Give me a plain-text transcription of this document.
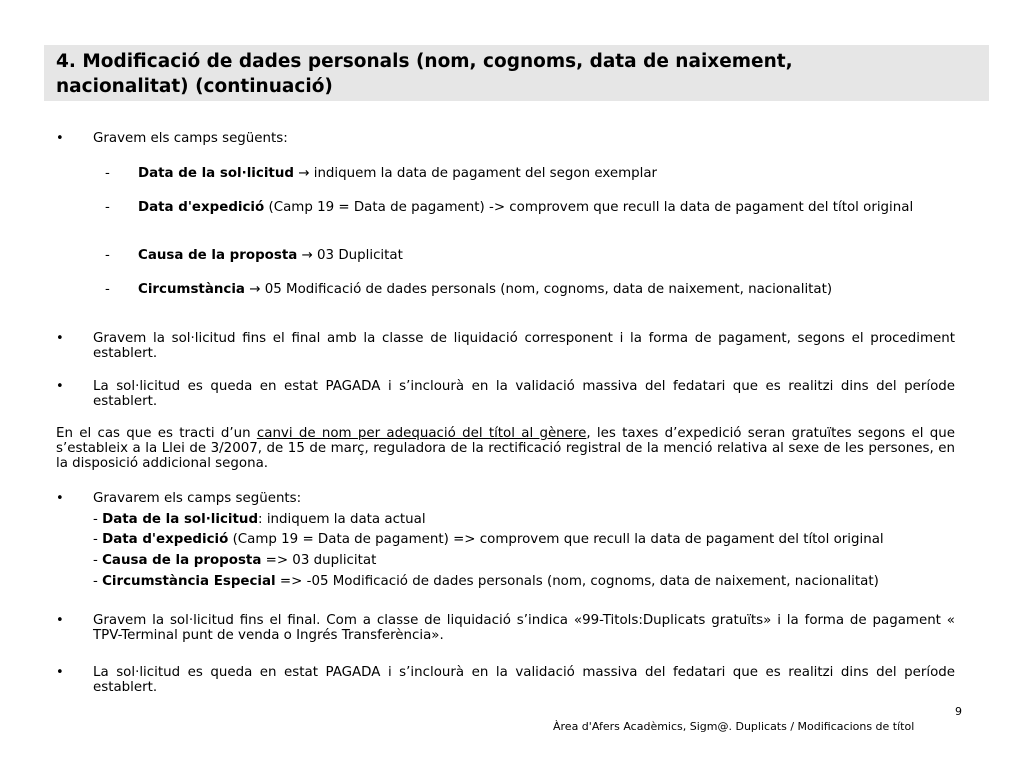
4. Modificació de dades personals (nom, cognoms, data de naixement,
nacionalitat) (continuació)
• Gravem els camps següents:
- Data de la sol·licitud → indiquem la data de pagament del segon exemplar
- Data d'expedició (Camp 19 = Data de pagament) -> comprovem que recull la data de pagament del títol original
- Causa de la proposta → 03 Duplicitat
- Circumstància → 05 Modificació de dades personals (nom, cognoms, data de naixement, nacionalitat)
• Gravem la sol·licitud fins el final amb la classe de liquidació corresponent i la forma de pagament, segons el procediment establert.
• La sol·licitud es queda en estat PAGADA i s’inclourà en la validació massiva del fedatari que es realitzi dins del període establert.
En el cas que es tracti d’un canvi de nom per adequació del títol al gènere, les taxes d’expedició seran gratuïtes segons el que s’estableix a la Llei de 3/2007, de 15 de març, reguladora de la rectificació registral de la menció relativa al sexe de les persones, en la disposició addicional segona.
• Gravarem els camps següents:
- Data de la sol·licitud: indiquem la data actual
- Data d'expedició (Camp 19 = Data de pagament) => comprovem que recull la data de pagament del títol original
- Causa de la proposta => 03 duplicitat
- Circumstància Especial => -05 Modificació de dades personals (nom, cognoms, data de naixement, nacionalitat)
• Gravem la sol·licitud fins el final. Com a classe de liquidació s’indica «99-Titols:Duplicats gratuïts» i la forma de pagament « TPV-Terminal punt de venda o Ingrés Transferència».
• La sol·licitud es queda en estat PAGADA i s’inclourà en la validació massiva del fedatari que es realitzi dins del període establert.
9
Àrea d'Afers Acadèmics, Sigm@. Duplicats / Modificacions de títol
